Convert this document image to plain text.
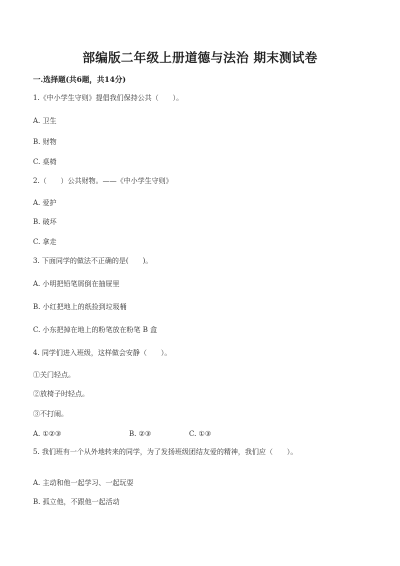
部编版二年级上册道德与法治 期末测试卷
一.选择题(共6题，共14分)
1.《中小学生守则》提倡我们保持公共（　　）。
A. 卫生
B. 财物
C. 桌椅
2.（　　）公共财物。——《中小学生守则》
A. 爱护
B. 破坏
C. 拿走
3. 下面同学的做法不正确的是(　　)。
A. 小明把铅笔屑倒在抽屉里
B. 小红把地上的纸捡到垃圾桶
C. 小东把掉在地上的粉笔放在粉笔 B 盒
4. 同学们进入班级，这样做会安静（　　）。
①关门轻点。
②放椅子时轻点。
③不打闹。
A. ①②③	B. ②③	C. ①③
5. 我们班有一个从外地转来的同学，为了发扬班级团结友爱的精神，我们应（　　）。
A. 主动和他一起学习、一起玩耍
B. 孤立他，不跟他一起活动
